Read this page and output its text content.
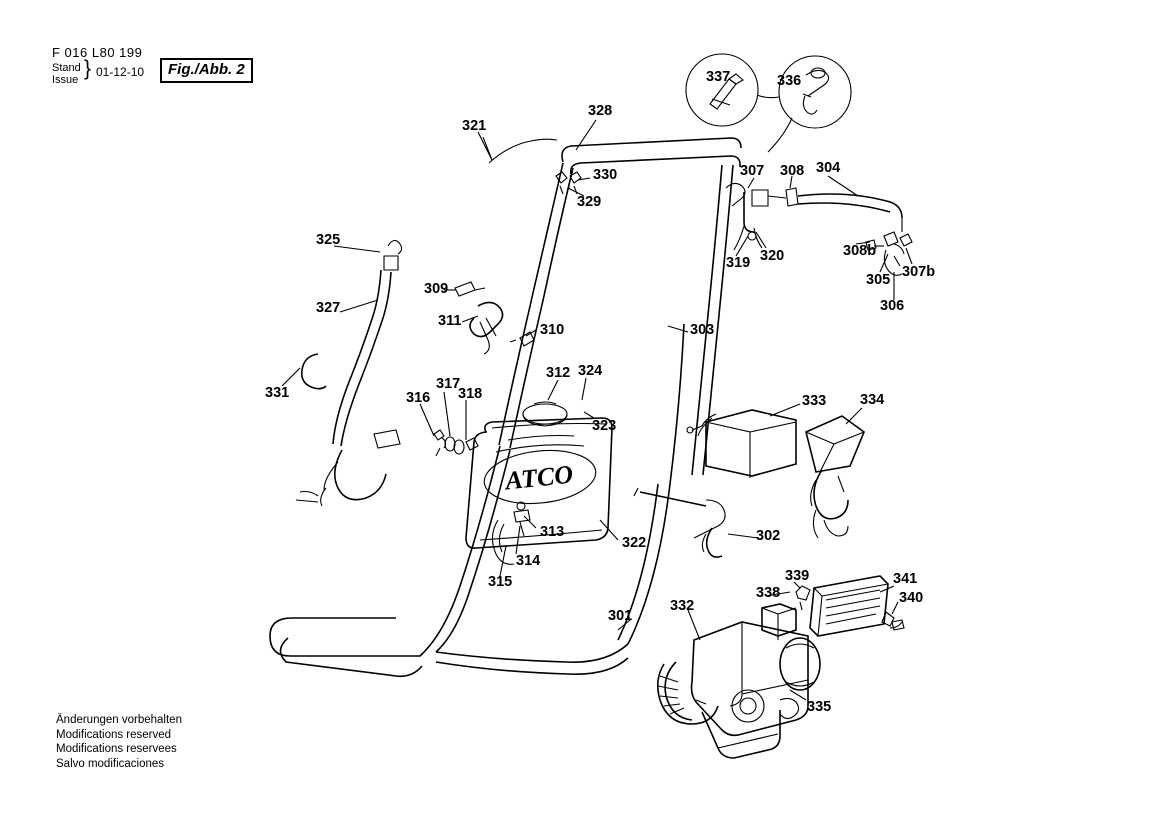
F 016 L80 199
Stand
Issue } 01-12-10	Fig./Abb. 2
Änderungen vorbehalten
Modifications reserved
Modifications reservees
Salvo modificaciones
ATCO
301
302
303
304
305
306
307
307b
308
308b
309
310
311
312
313
314
315
316
317
318
319 320
321
322
323
324
325
327
328
329
330
331
332
333 334
335
336
337
338
339
340
341
